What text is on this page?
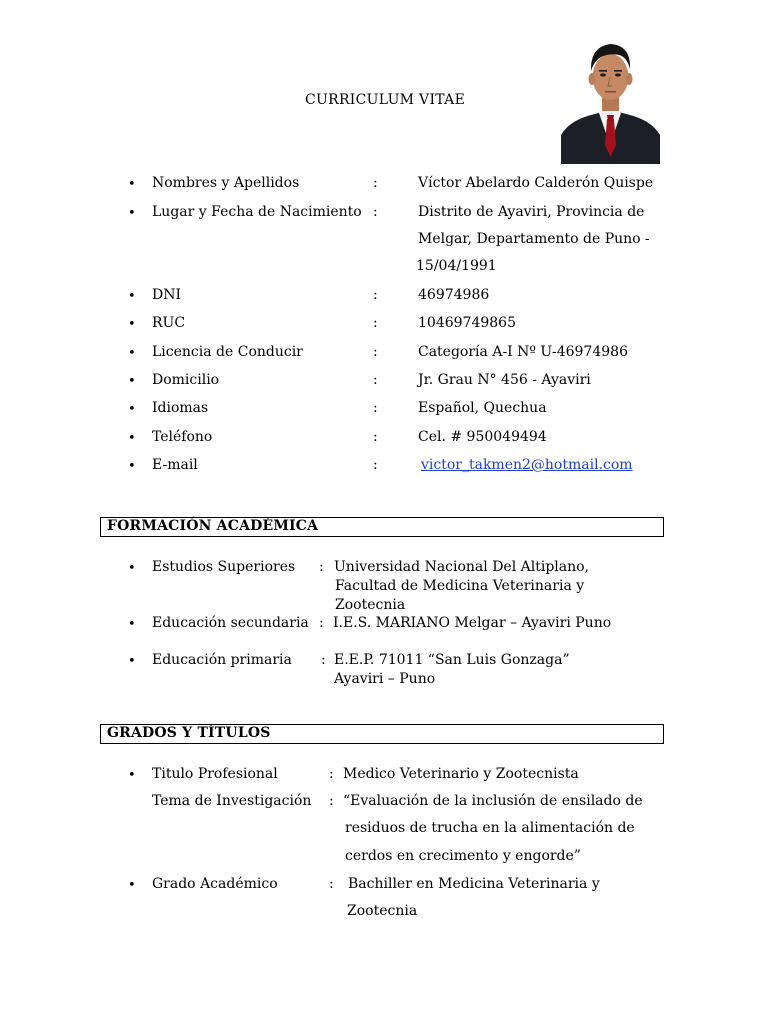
CURRICULUM VITAE
• Nombres y Apellidos	:	Víctor Abelardo Calderón Quispe
• Lugar y Fecha de Nacimiento :	Distrito de Ayaviri, Provincia de
Melgar, Departamento de Puno -
15/04/1991
• DNI	:	46974986
• RUC	:	10469749865
• Licencia de Conducir	:	Categoría A-I Nº U-46974986
• Domicilio	:	Jr. Grau N° 456 - Ayaviri
• Idiomas	:	Español, Quechua
• Teléfono	:	Cel. # 950049494
• E-mail	:	victor_takmen2@hotmail.com
FORMACIÓN ACADÉMICA
• Estudios Superiores : Universidad Nacional Del Altiplano,
Facultad de Medicina Veterinaria y
Zootecnia
• Educación secundaria : I.E.S. MARIANO Melgar – Ayaviri Puno
• Educación primaria : E.E.P. 71011 “San Luis Gonzaga”
Ayaviri – Puno
GRADOS Y TÍTULOS
• Titulo Profesional	: Medico Veterinario y Zootecnista
Tema de Investigación : “Evaluación de la inclusión de ensilado de
residuos de trucha en la alimentación de
cerdos en crecimento y engorde”
• Grado Académico	: Bachiller en Medicina Veterinaria y
Zootecnia
